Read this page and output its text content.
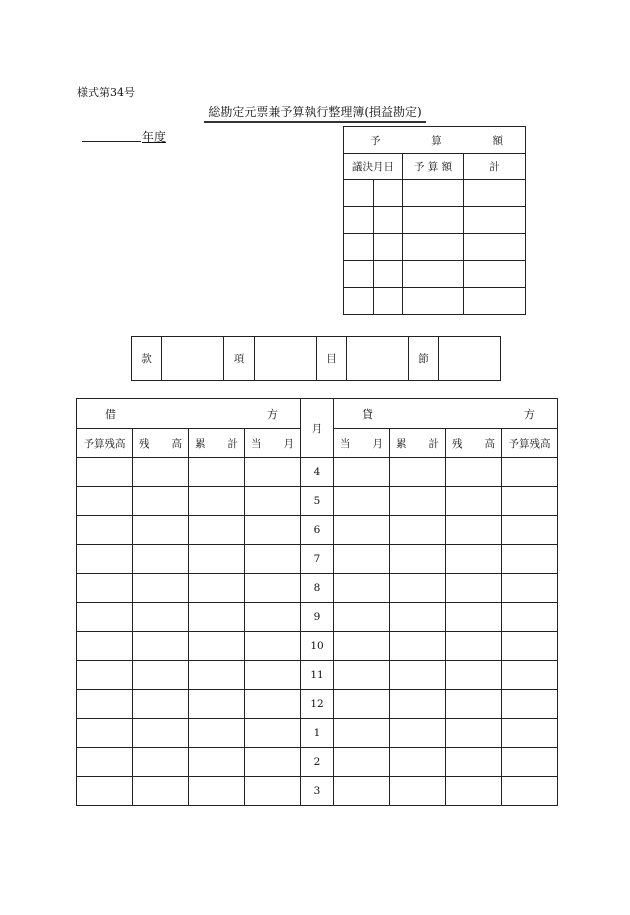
様式第34号
総勘定元票兼予算執行整理簿(損益勘定)
年度	予 算 額			

議決月日		予 算 額	計

款		項		目		節	
借 方				月	貸 方			

予算残高	残 高	累 計	当 月		当 月	累 計	残 高	予算残高
				4				
				5				
				6				
				7				
				8				
				9				
				10				
				11				
				12				
				1				
				2				
				3				
